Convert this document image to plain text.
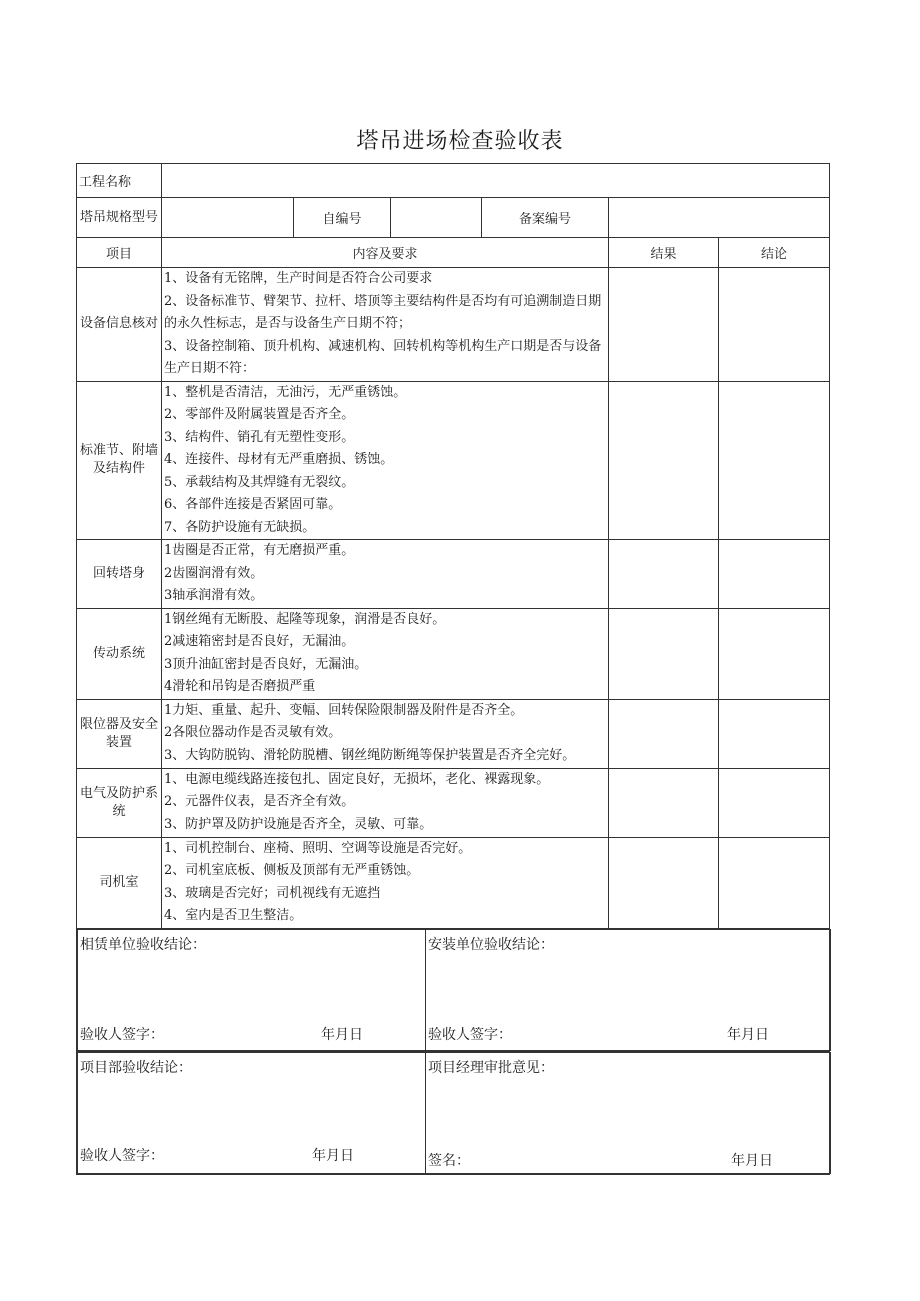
塔吊进场检查验收表
工程名称	
塔吊规格型号		自编号		备案编号	
项目	内容及要求	结果	结论
设备信息核对	
1、设备有无铭牌，生产时间是否符合公司要求
2、设备标准节、臂架节、拉杆、塔顶等主要结构件是否均有可追溯制造日期的永久性标志，是否与设备生产日期不符；
3、设备控制箱、顶升机构、减速机构、回转机构等机构生产口期是否与设备生产日期不符：

标准节、附墙及结构件	
1、整机是否清洁，无油污，无严重锈蚀。
2、零部件及附属装置是否齐全。
3、结构件、销孔有无塑性变形。
4、连接件、母材有无严重磨损、锈蚀。
5、承载结构及其焊缝有无裂纹。
6、各部件连接是否紧固可靠。
7、各防护设施有无缺损。

回转塔身	
1齿圈是否正常，有无磨损严重。
2齿圈润滑有效。
3轴承润滑有效。

传动系统	
1钢丝绳有无断股、起隆等现象，润滑是否良好。
2减速箱密封是否良好，无漏油。
3顶升油缸密封是否良好，无漏油。
4滑轮和吊钩是否磨损严重

限位器及安全装置	
1力矩、重量、起升、变幅、回转保险限制器及附件是否齐全。
2各限位器动作是否灵敏有效。
3、大钩防脱钩、滑轮防脱槽、钢丝绳防断绳等保护装置是否齐全完好。

电气及防护系统	
1、电源电缆线路连接包扎、固定良好，无损坏，老化、裸露现象。
2、元器件仪表，是否齐全有效。
3、防护罩及防护设施是否齐全，灵敏、可靠。

司机室	
1、司机控制台、座椅、照明、空调等设施是否完好。
2、司机室底板、侧板及顶部有无严重锈蚀。
3、玻璃是否完好；司机视线有无遮挡
4、室内是否卫生整洁。

相赁单位验收结论：
验收人签字：	年月日

安装单位验收结论：
验收人签字：	年月日

项目部验收结论：
验收人签字：	年月日

项目经理审批意见：
签名：	年月日
